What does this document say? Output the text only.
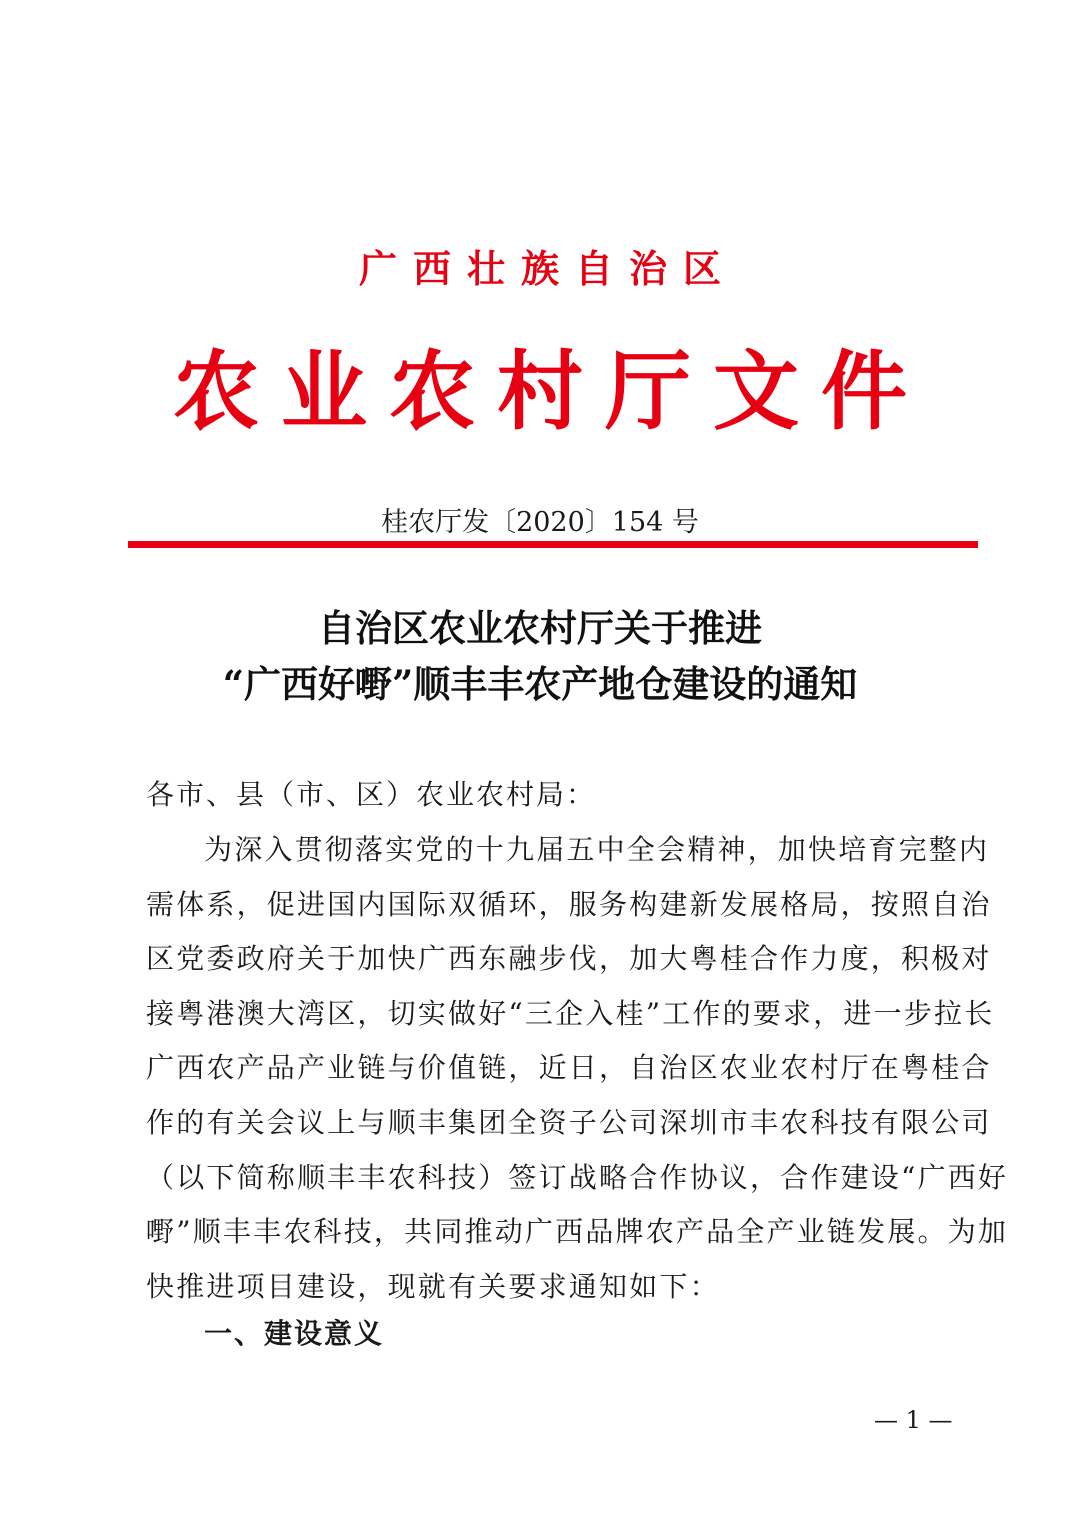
广西壮族自治区
农业农村厅文件
桂农厅发〔2020〕154 号
自治区农业农村厅关于推进
“广西好嘢”顺丰丰农产地仓建设的通知
各市、县（市、区）农业农村局：
为深入贯彻落实党的十九届五中全会精神，加快培育完整内
需体系，促进国内国际双循环，服务构建新发展格局，按照自治
区党委政府关于加快广西东融步伐，加大粤桂合作力度，积极对
接粤港澳大湾区，切实做好“三企入桂”工作的要求，进一步拉长
广西农产品产业链与价值链，近日，自治区农业农村厅在粤桂合
作的有关会议上与顺丰集团全资子公司深圳市丰农科技有限公司
（以下简称顺丰丰农科技）签订战略合作协议，合作建设“广西好
嘢”顺丰丰农科技，共同推动广西品牌农产品全产业链发展。为加
快推进项目建设，现就有关要求通知如下：
一、建设意义
— 1 —
